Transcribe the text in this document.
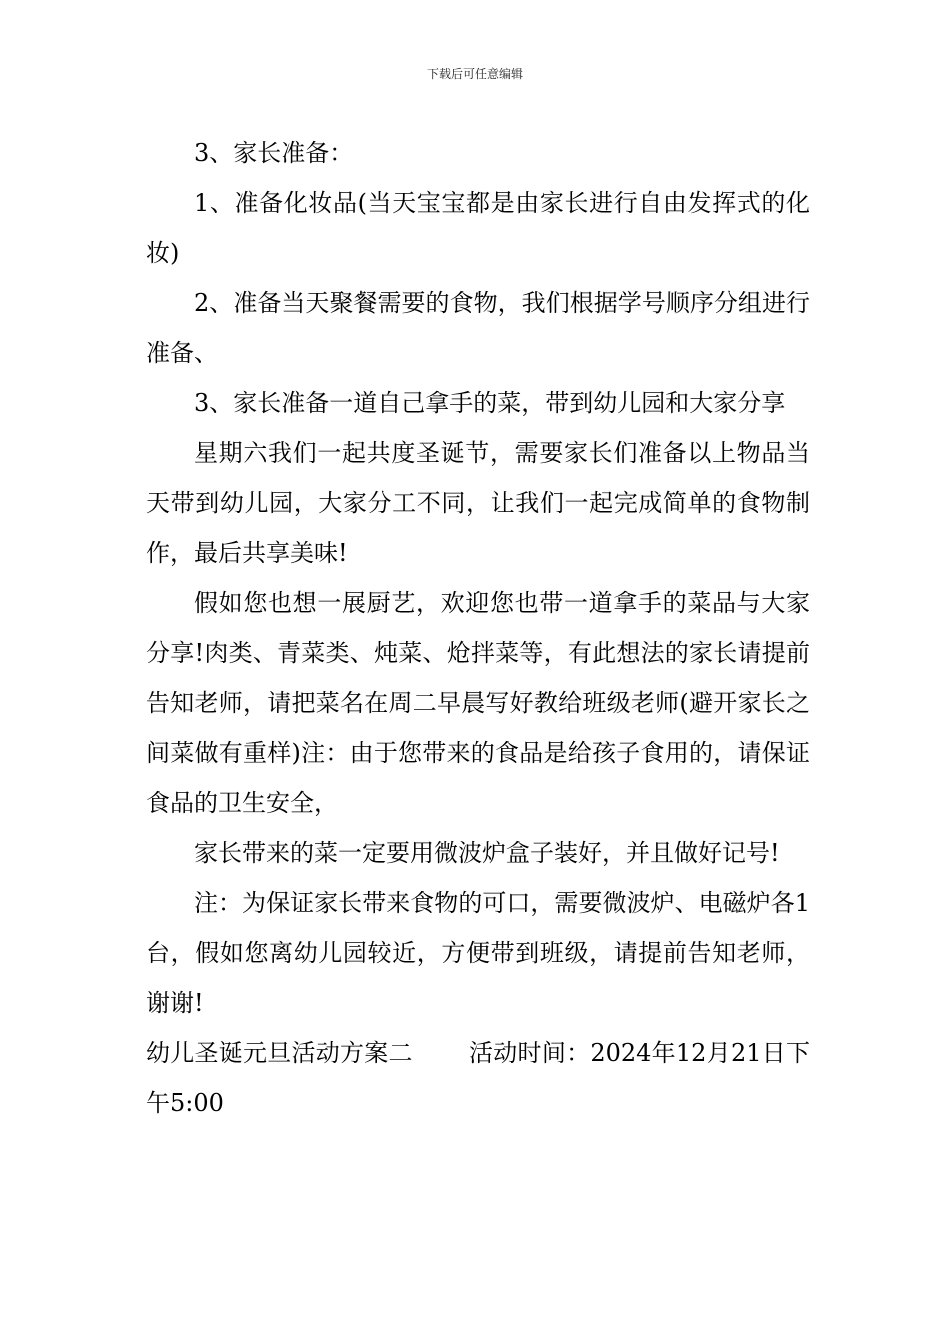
下载后可任意编辑

3、家长准备：

1、准备化妆品(当天宝宝都是由家长进行自由发挥式的化妆)

2、准备当天聚餐需要的食物，我们根据学号顺序分组进行准备、

3、家长准备一道自己拿手的菜，带到幼儿园和大家分享

星期六我们一起共度圣诞节，需要家长们准备以上物品当天带到幼儿园，大家分工不同，让我们一起完成简单的食物制作，最后共享美味!

假如您也想一展厨艺，欢迎您也带一道拿手的菜品与大家分享!肉类、青菜类、炖菜、炝拌菜等，有此想法的家长请提前告知老师，请把菜名在周二早晨写好教给班级老师(避开家长之间菜做有重样)注：由于您带来的食品是给孩子食用的，请保证食品的卫生安全，

家长带来的菜一定要用微波炉盒子装好，并且做好记号!

注：为保证家长带来食物的可口，需要微波炉、电磁炉各1台，假如您离幼儿园较近，方便带到班级，请提前告知老师，谢谢!

幼儿圣诞元旦活动方案二 活动时间：2024年12月21日下午5:00
